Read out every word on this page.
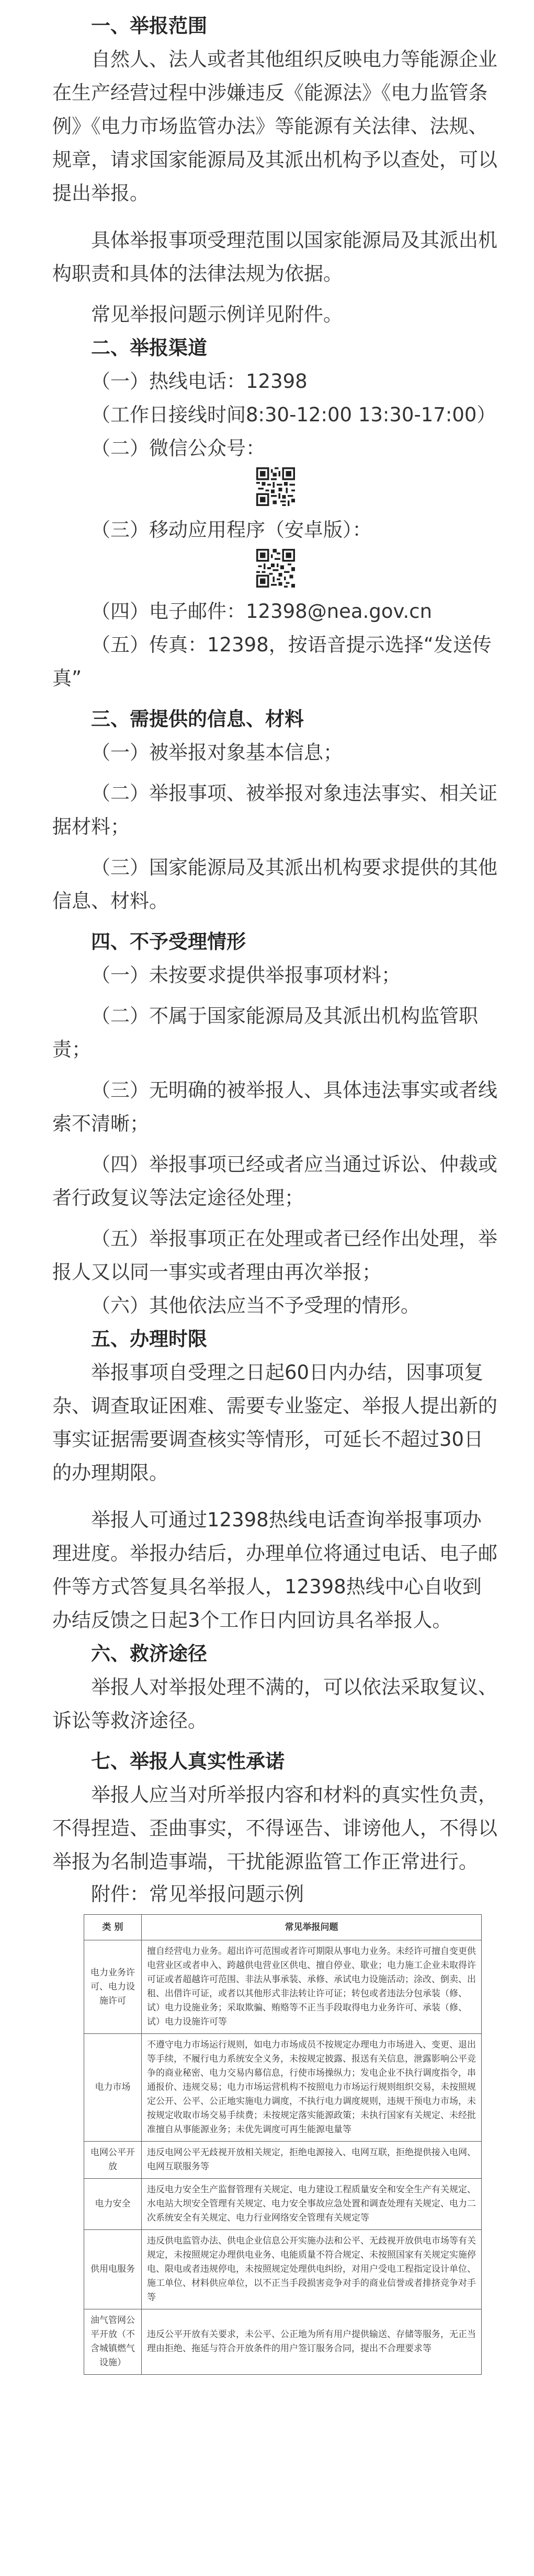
一、举报范围

自然人、法人或者其他组织反映电力等能源企业在生产经营过程中涉嫌违反《能源法》《电力监管条例》《电力市场监管办法》等能源有关法律、法规、规章，请求国家能源局及其派出机构予以查处，可以提出举报。

具体举报事项受理范围以国家能源局及其派出机构职责和具体的法律法规为依据。

常见举报问题示例详见附件。

二、举报渠道

（一）热线电话：12398

（工作日接线时间8:30-12:00 13:30-17:00）

（二）微信公众号：

（三）移动应用程序（安卓版）：

（四）电子邮件：12398@nea.gov.cn

（五）传真：12398，按语音提示选择“发送传真”

三、需提供的信息、材料

（一）被举报对象基本信息；

（二）举报事项、被举报对象违法事实、相关证据材料；

（三）国家能源局及其派出机构要求提供的其他信息、材料。

四、不予受理情形

（一）未按要求提供举报事项材料；

（二）不属于国家能源局及其派出机构监管职责；

（三）无明确的被举报人、具体违法事实或者线索不清晰；

（四）举报事项已经或者应当通过诉讼、仲裁或者行政复议等法定途径处理；

（五）举报事项正在处理或者已经作出处理，举报人又以同一事实或者理由再次举报；

（六）其他依法应当不予受理的情形。

五、办理时限

举报事项自受理之日起60日内办结，因事项复杂、调查取证困难、需要专业鉴定、举报人提出新的事实证据需要调查核实等情形，可延长不超过30日的办理期限。

举报人可通过12398热线电话查询举报事项办理进度。举报办结后，办理单位将通过电话、电子邮件等方式答复具名举报人，12398热线中心自收到办结反馈之日起3个工作日内回访具名举报人。

六、救济途径

举报人对举报处理不满的，可以依法采取复议、诉讼等救济途径。

七、举报人真实性承诺

举报人应当对所举报内容和材料的真实性负责，不得捏造、歪曲事实，不得诬告、诽谤他人，不得以举报为名制造事端，干扰能源监管工作正常进行。

附件：常见举报问题示例

类 别	常见举报问题
电力业务许可、电力设施许可	擅自经营电力业务。超出许可范围或者许可期限从事电力业务。未经许可擅自变更供电营业区或者申入、跨越供电营业区供电、擅自停业、歇业；电力施工企业未取得许可证或者超越许可范围、非法从事承装、承修、承试电力设施活动；涂改、倒卖、出租、出借许可证，或者以其他形式非法转让许可证；转包或者违法分包承装（修、试）电力设施业务；采取欺骗、贿赂等不正当手段取得电力业务许可、承装（修、试）电力设施许可等
电力市场	不遵守电力市场运行规则，如电力市场成员不按规定办理电力市场进入、变更、退出等手续，不履行电力系统安全义务，未按规定披露、报送有关信息，泄露影响公平竞争的商业秘密、电力交易内幕信息，行使市场操纵力；发电企业不执行调度指令，串通报价、违规交易；电力市场运营机构不按照电力市场运行规则组织交易，未按照规定公开、公平、公正地实施电力调度，不执行电力调度规则，违规干预电力市场，未按规定收取市场交易手续费；未按规定落实能源政策；未执行国家有关规定、未经批准擅自从事能源业务；未优先调度可再生能源电量等
电网公平开放	违反电网公平无歧视开放相关规定，拒绝电源接入、电网互联，拒绝提供接入电网、电网互联服务等
电力安全	违反电力安全生产监督管理有关规定、电力建设工程质量安全和安全生产有关规定、水电站大坝安全管理有关规定、电力安全事故应急处置和调查处理有关规定、电力二次系统安全有关规定、电力行业网络安全管理有关规定等
供用电服务	违反供电监管办法、供电企业信息公开实施办法和公平、无歧视开放供电市场等有关规定，未按照规定办理供电业务、电能质量不符合规定、未按照国家有关规定实施停电、限电或者违规停电，未按照规定处理供电纠纷，对用户受电工程指定设计单位、施工单位、材料供应单位，以不正当手段损害竞争对手的商业信誉或者排挤竞争对手等
油气管网公平开放（不含城镇燃气设施）	违反公平开放有关要求，未公平、公正地为所有用户提供输送、存储等服务，无正当理由拒绝、拖延与符合开放条件的用户签订服务合同，提出不合理要求等
